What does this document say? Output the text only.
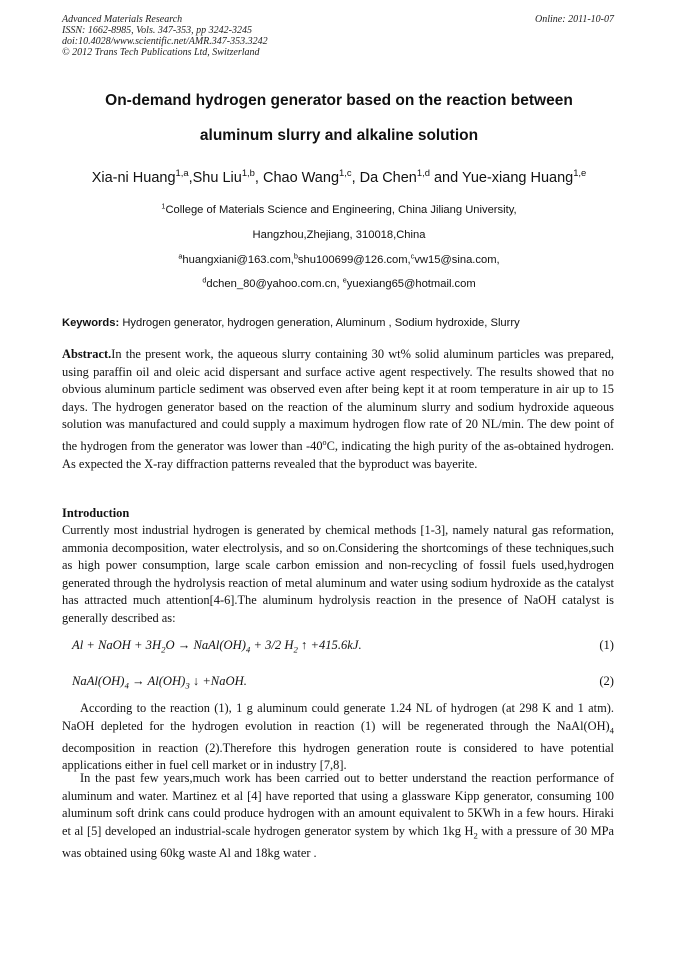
Advanced Materials Research
ISSN: 1662-8985, Vols. 347-353, pp 3242-3245
doi:10.4028/www.scientific.net/AMR.347-353.3242
© 2012 Trans Tech Publications Ltd, Switzerland
Online: 2011-10-07
On-demand hydrogen generator based on the reaction between
aluminum slurry and alkaline solution
Xia-ni Huang$^{1,a}$,Shu Liu$^{1,b}$, Chao Wang$^{1,c}$, Da Chen$^{1,d}$ and Yue-xiang Huang$^{1,e}$
$^1$College of Materials Science and Engineering, China Jiliang University,
Hangzhou,Zhejiang, 310018,China
$^a$huangxiani@163.com,$^b$shu100699@126.com,$^c$vw15@sina.com,
$^d$dchen_80@yahoo.com.cn, $^e$yuexiang65@hotmail.com
Keywords: Hydrogen generator, hydrogen generation, Aluminum , Sodium hydroxide, Slurry
Abstract.In the present work, the aqueous slurry containing 30 wt% solid aluminum particles was prepared, using paraffin oil and oleic acid dispersant and surface active agent respectively. The results showed that no obvious aluminum particle sediment was observed even after being kept it at room temperature in air up to 15 days. The hydrogen generator based on the reaction of the aluminum slurry and sodium hydroxide aqueous solution was manufactured and could supply a maximum hydrogen flow rate of 20 NL/min. The dew point of the hydrogen from the generator was lower than -40$^o$C, indicating the high purity of the as-obtained hydrogen. As expected the X-ray diffraction patterns revealed that the byproduct was bayerite.
Introduction
Currently most industrial hydrogen is generated by chemical methods [1-3], namely natural gas reformation, ammonia decomposition, water electrolysis, and so on.Considering the shortcomings of these techniques,such as high power consumption, large scale carbon emission and non-recycling of fossil fuels used,hydrogen generated through the hydrolysis reaction of metal aluminum and water using sodium hydroxide as the catalyst has attracted much attention[4-6].The aluminum hydrolysis reaction in the presence of NaOH catalyst is generally described as:
Al + NaOH + $3H_2O$ → $NaAl(OH)_4 + 3/2$ $H_2$ ↑ +415.6kJ.	(1)
$NaAl(OH)_4 \to Al(OH)_3$ ↓ +NaOH.	(2)
According to the reaction (1), 1 g aluminum could generate 1.24 NL of hydrogen (at 298 K and 1 atm). NaOH depleted for the hydrogen evolution in reaction (1) will be regenerated through the $NaAl(OH)_4$ decomposition in reaction (2).Therefore this hydrogen generation route is considered to have potential applications either in fuel cell market or in industry [7,8].
In the past few years,much work has been carried out to better understand the reaction performance of aluminum and water. Martinez et al [4] have reported that using a glassware Kipp generator, consuming 100 aluminum soft drink cans could produce hydrogen with an amount equivalent to 5KWh in a few hours. Hiraki et al [5] developed an industrial-scale hydrogen generator system by which 1kg $H_2$ with a pressure of 30 MPa was obtained using 60kg waste Al and 18kg water .
